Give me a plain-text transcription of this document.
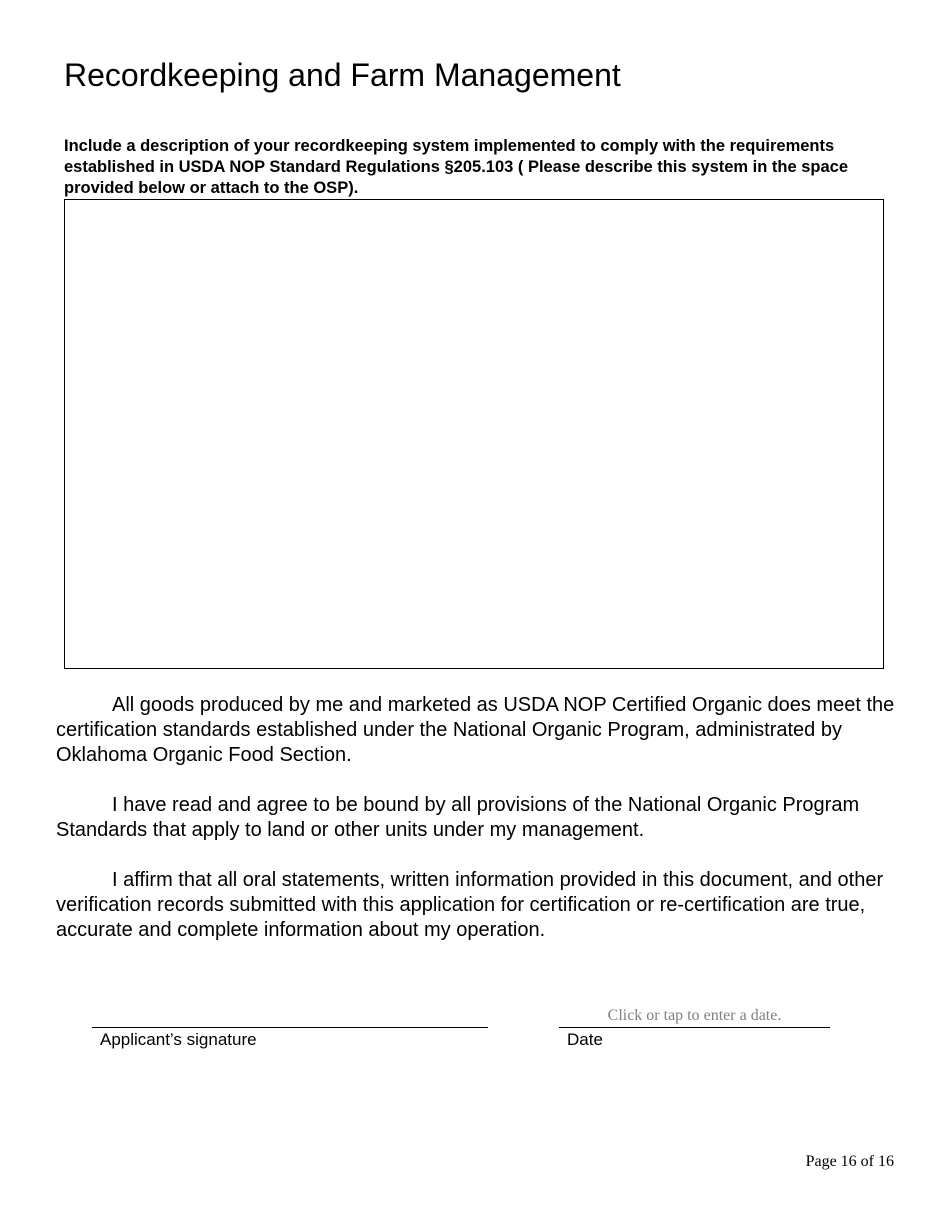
Recordkeeping and Farm Management

Include a description of your recordkeeping system implemented to comply with the requirements established in USDA NOP Standard Regulations §205.103 ( Please describe this system in the space provided below or attach to the OSP).

All goods produced by me and marketed as USDA NOP Certified Organic does meet the certification standards established under the National Organic Program, administrated by Oklahoma Organic Food Section.

I have read and agree to be bound by all provisions of the National Organic Program Standards that apply to land or other units under my management.

I affirm that all oral statements, written information provided in this document, and other verification records submitted with this application for certification or re-certification are true, accurate and complete information about my operation.

Applicant’s signature
Click or tap to enter a date.
Date
Page 16 of 16
